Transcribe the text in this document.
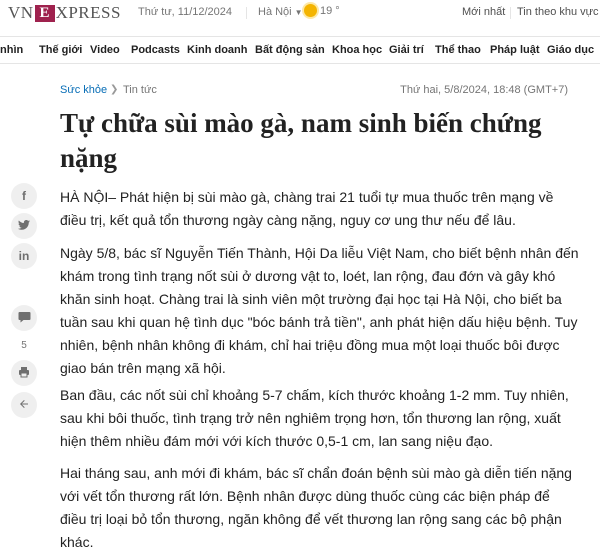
VN E XPRESS Thứ tư, 11/12/2024 Hà Nội ▼ 19 °	Mới nhất Tin theo khu vực
nhìn Thế giới Video Podcasts Kinh doanh Bất động sản Khoa học Giải trí Thể thao Pháp luật Giáo dục
Sức khỏe ❯ Tin tức	Thứ hai, 5/8/2024, 18:48 (GMT+7)
Tự chữa sùi mào gà, nam sinh biến chứng nặng
f
in
5

HÀ NỘI– Phát hiện bị sùi mào gà, chàng trai 21 tuổi tự mua thuốc trên mạng về điều trị, kết quả tổn thương ngày càng nặng, nguy cơ ung thư nếu để lâu.

Ngày 5/8, bác sĩ Nguyễn Tiến Thành, Hội Da liễu Việt Nam, cho biết bệnh nhân đến khám trong tình trạng nốt sùi ở dương vật to, loét, lan rộng, đau đớn và gây khó khăn sinh hoạt. Chàng trai là sinh viên một trường đại học tại Hà Nội, cho biết ba tuần sau khi quan hệ tình dục "bóc bánh trả tiền", anh phát hiện dấu hiệu bệnh. Tuy nhiên, bệnh nhân không đi khám, chỉ hai triệu đồng mua một loại thuốc bôi được giao bán trên mạng xã hội.

Ban đầu, các nốt sùi chỉ khoảng 5-7 chấm, kích thước khoảng 1-2 mm. Tuy nhiên, sau khi bôi thuốc, tình trạng trở nên nghiêm trọng hơn, tổn thương lan rộng, xuất hiện thêm nhiều đám mới với kích thước 0,5-1 cm, lan sang niệu đạo.

Hai tháng sau, anh mới đi khám, bác sĩ chẩn đoán bệnh sùi mào gà diễn tiến nặng với vết tổn thương rất lớn. Bệnh nhân được dùng thuốc cùng các biện pháp để điều trị loại bỏ tổn thương, ngăn không để vết thương lan rộng sang các bộ phận khác.
